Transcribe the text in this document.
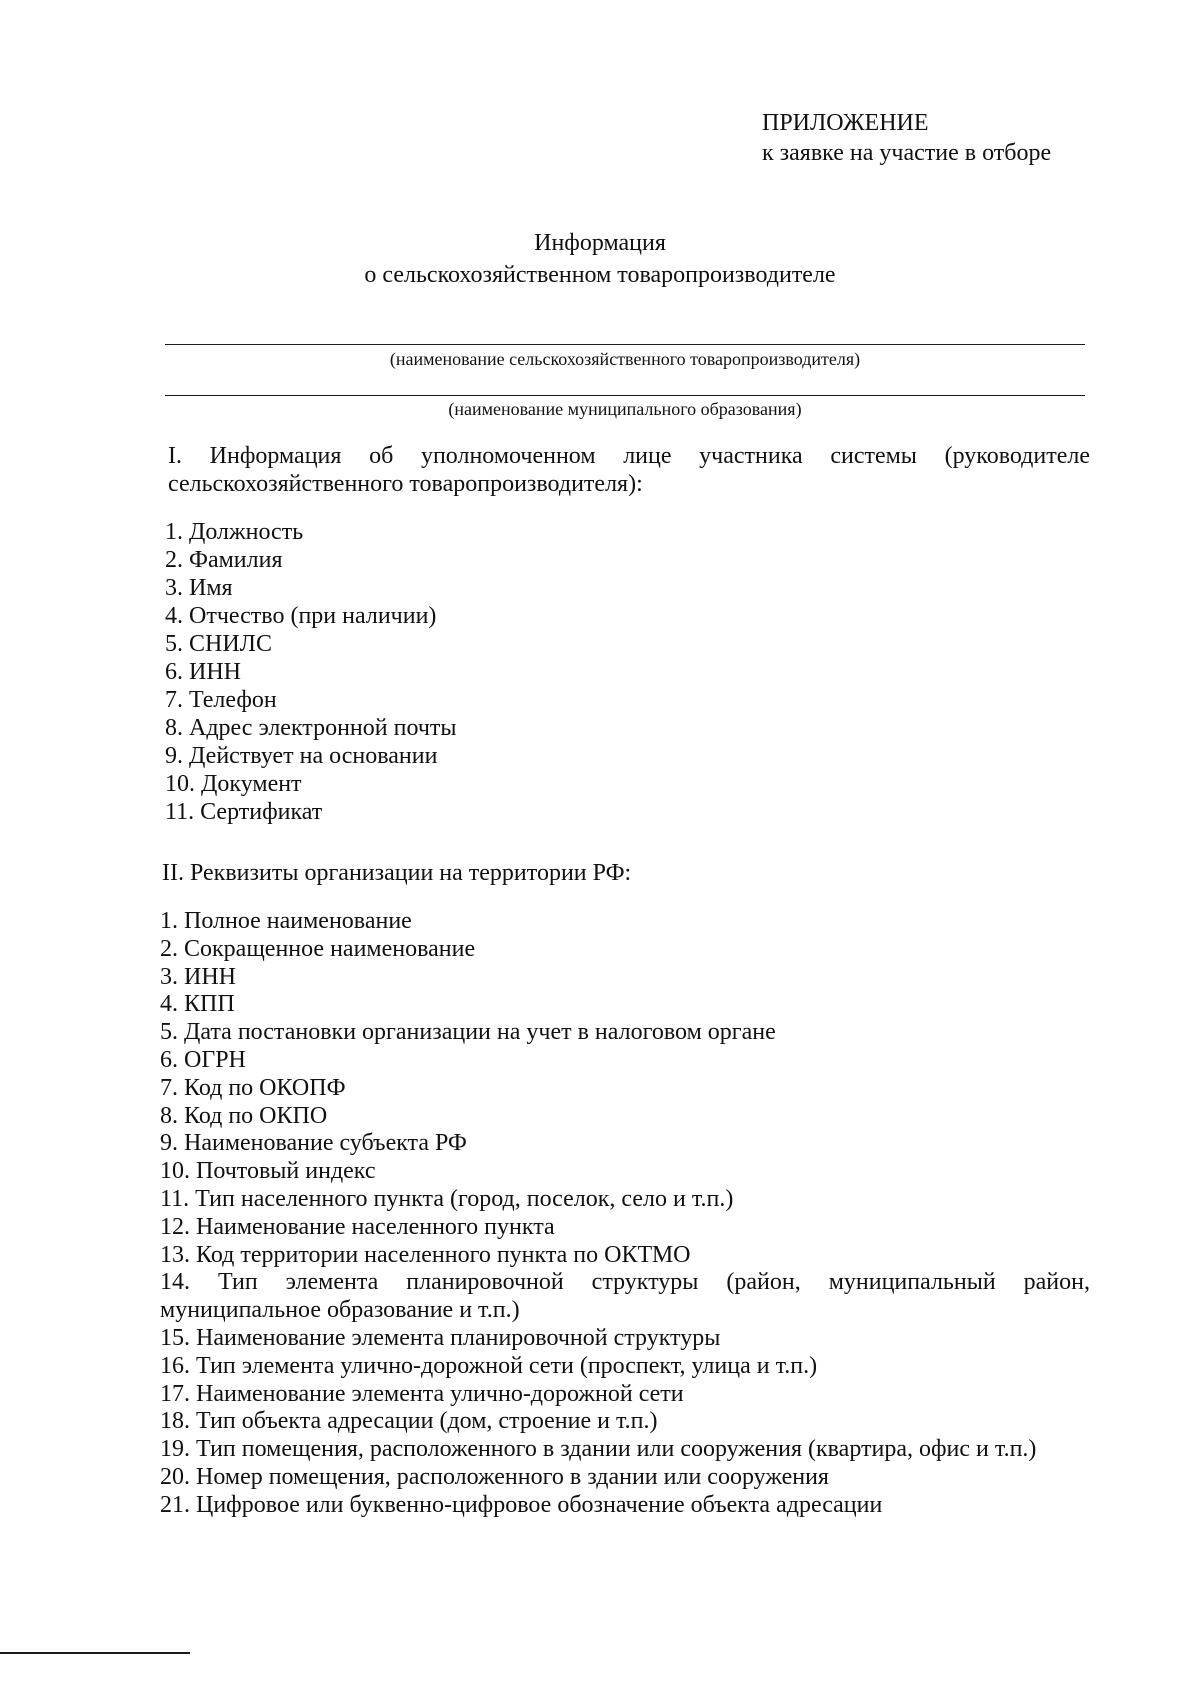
ПРИЛОЖЕНИЕ
к заявке на участие в отборе
Информация
о сельскохозяйственном товаропроизводителе
(наименование сельскохозяйственного товаропроизводителя)
(наименование муниципального образования)
I. Информация об уполномоченном лице участника системы (руководителе сельскохозяйственного товаропроизводителя):
1. Должность
2. Фамилия
3. Имя
4. Отчество (при наличии)
5. СНИЛС
6. ИНН
7. Телефон
8. Адрес электронной почты
9. Действует на основании
10. Документ
11. Сертификат
II. Реквизиты организации на территории РФ:
1. Полное наименование
2. Сокращенное наименование
3. ИНН
4. КПП
5. Дата постановки организации на учет в налоговом органе
6. ОГРН
7. Код по ОКОПФ
8. Код по ОКПО
9. Наименование субъекта РФ
10. Почтовый индекс
11. Тип населенного пункта (город, поселок, село и т.п.)
12. Наименование населенного пункта
13. Код территории населенного пункта по ОКТМО
14. Тип элемента планировочной структуры (район, муниципальный район, муниципальное образование и т.п.)
15. Наименование элемента планировочной структуры
16. Тип элемента улично-дорожной сети (проспект, улица и т.п.)
17. Наименование элемента улично-дорожной сети
18. Тип объекта адресации (дом, строение и т.п.)
19. Тип помещения, расположенного в здании или сооружения (квартира, офис и т.п.)
20. Номер помещения, расположенного в здании или сооружения
21. Цифровое или буквенно-цифровое обозначение объекта адресации
